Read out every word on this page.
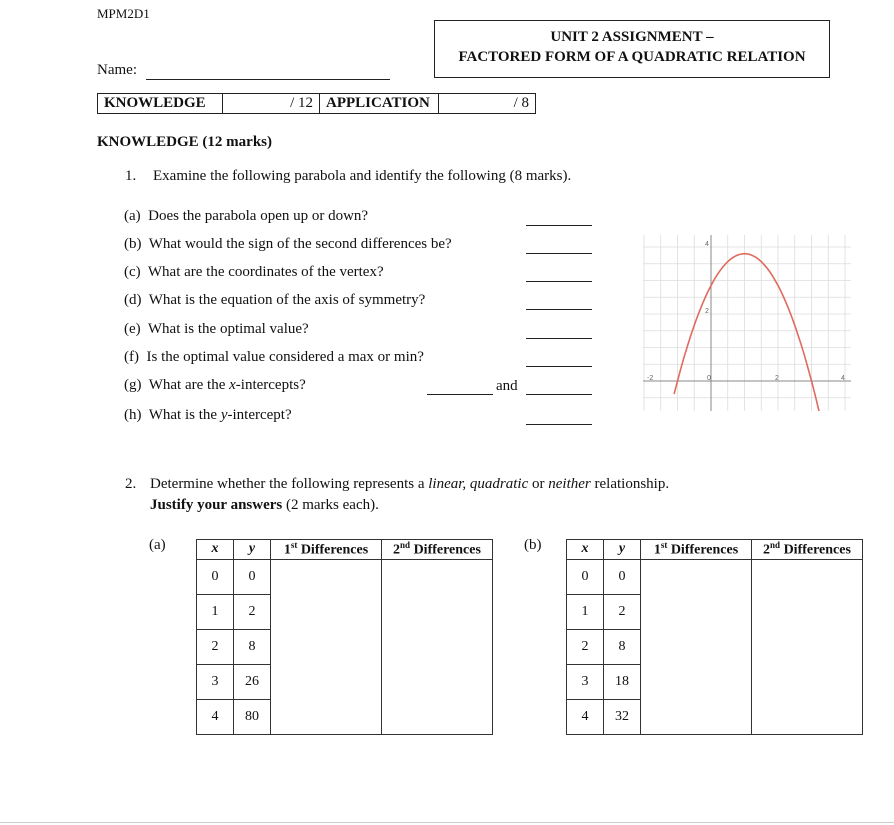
MPM2D1
UNIT 2 ASSIGNMENT –
FACTORED FORM OF A QUADRATIC RELATION
Name:
KNOWLEDGE	/ 12	APPLICATION	/ 8
KNOWLEDGE (12 marks)
1. Examine the following parabola and identify the following (8 marks).
(a) Does the parabola open up or down?
(b) What would the sign of the second differences be?
(c) What are the coordinates of the vertex?
(d) What is the equation of the axis of symmetry?
(e) What is the optimal value?
(f) Is the optimal value considered a max or min?
(g) What are the x-intercepts?
(h) What is the y-intercept?
and	-2	0	2	4
2
4
2. Determine whether the following represents a linear, quadratic or neither relationship.
Justify your answers (2 marks each).
(a)	x	y	1st Differences	2nd Differences
0	0		
1	2		
2	8		
3	26		
4	80		
(b)	x	y	1st Differences	2nd Differences
0	0		
1	2		
2	8		
3	18		
4	32		
